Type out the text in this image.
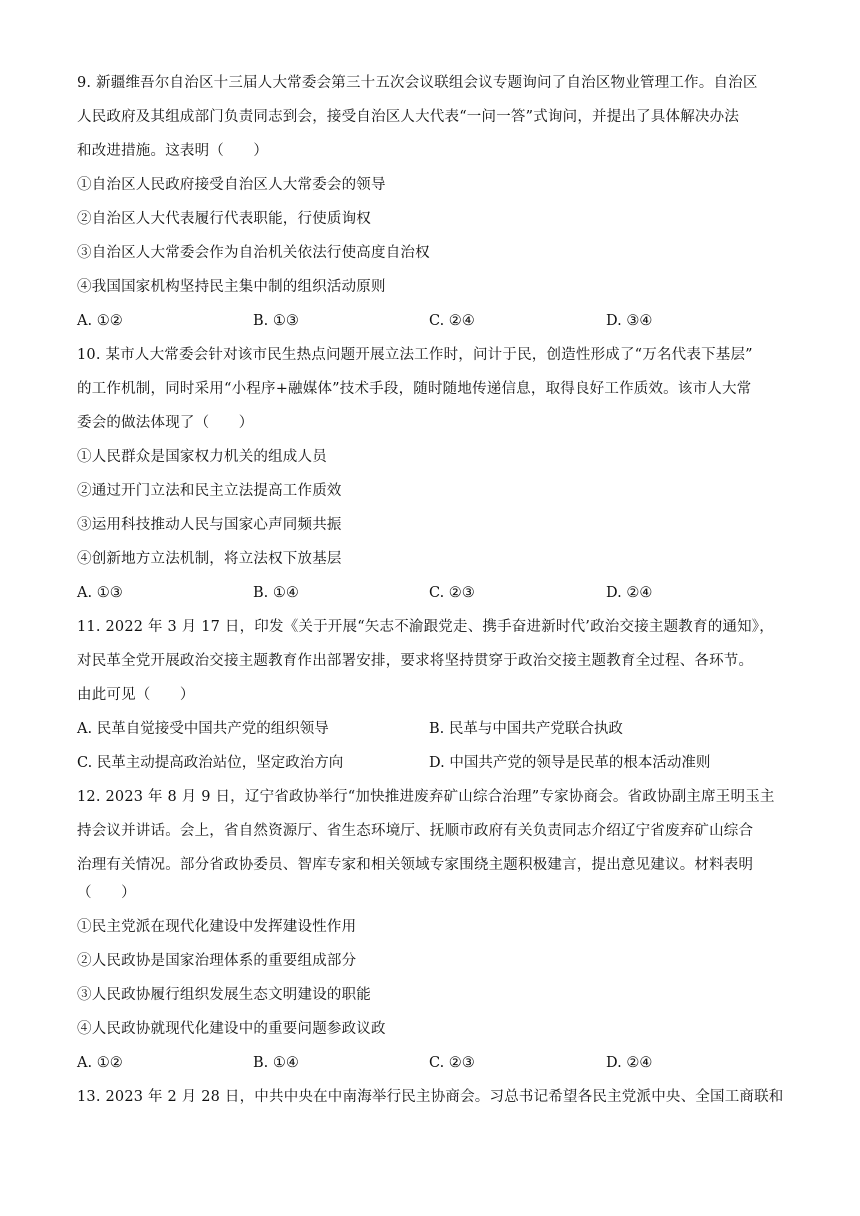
9. 新疆维吾尔自治区十三届人大常委会第三十五次会议联组会议专题询问了自治区物业管理工作。自治区
人民政府及其组成部门负责同志到会，接受自治区人大代表“一问一答”式询问，并提出了具体解决办法
和改进措施。这表明（　　）
①自治区人民政府接受自治区人大常委会的领导
②自治区人大代表履行代表职能，行使质询权
③自治区人大常委会作为自治机关依法行使高度自治权
④我国国家机构坚持民主集中制的组织活动原则
A. ①②	B. ①③	C. ②④	D. ③④
10. 某市人大常委会针对该市民生热点问题开展立法工作时，问计于民，创造性形成了“万名代表下基层”
的工作机制，同时采用“小程序+融媒体”技术手段，随时随地传递信息，取得良好工作质效。该市人大常
委会的做法体现了（　　）
①人民群众是国家权力机关的组成人员
②通过开门立法和民主立法提高工作质效
③运用科技推动人民与国家心声同频共振
④创新地方立法机制，将立法权下放基层
A. ①③	B. ①④	C. ②③	D. ②④
11. 2022 年 3 月 17 日，印发《关于开展“矢志不渝跟党走、携手奋进新时代’政治交接主题教育的通知》，
对民革全党开展政治交接主题教育作出部署安排，要求将坚持贯穿于政治交接主题教育全过程、各环节。
由此可见（　　）
A. 民革自觉接受中国共产党的组织领导	B. 民革与中国共产党联合执政
C. 民革主动提高政治站位，坚定政治方向	D. 中国共产党的领导是民革的根本活动准则
12. 2023 年 8 月 9 日，辽宁省政协举行“加快推进废弃矿山综合治理”专家协商会。省政协副主席王明玉主
持会议并讲话。会上，省自然资源厅、省生态环境厅、抚顺市政府有关负责同志介绍辽宁省废弃矿山综合
治理有关情况。部分省政协委员、智库专家和相关领域专家围绕主题积极建言，提出意见建议。材料表明
（　　）
①民主党派在现代化建设中发挥建设性作用
②人民政协是国家治理体系的重要组成部分
③人民政协履行组织发展生态文明建设的职能
④人民政协就现代化建设中的重要问题参政议政
A. ①②	B. ①④	C. ②③	D. ②④
13. 2023 年 2 月 28 日，中共中央在中南海举行民主协商会。习总书记希望各民主党派中央、全国工商联和
